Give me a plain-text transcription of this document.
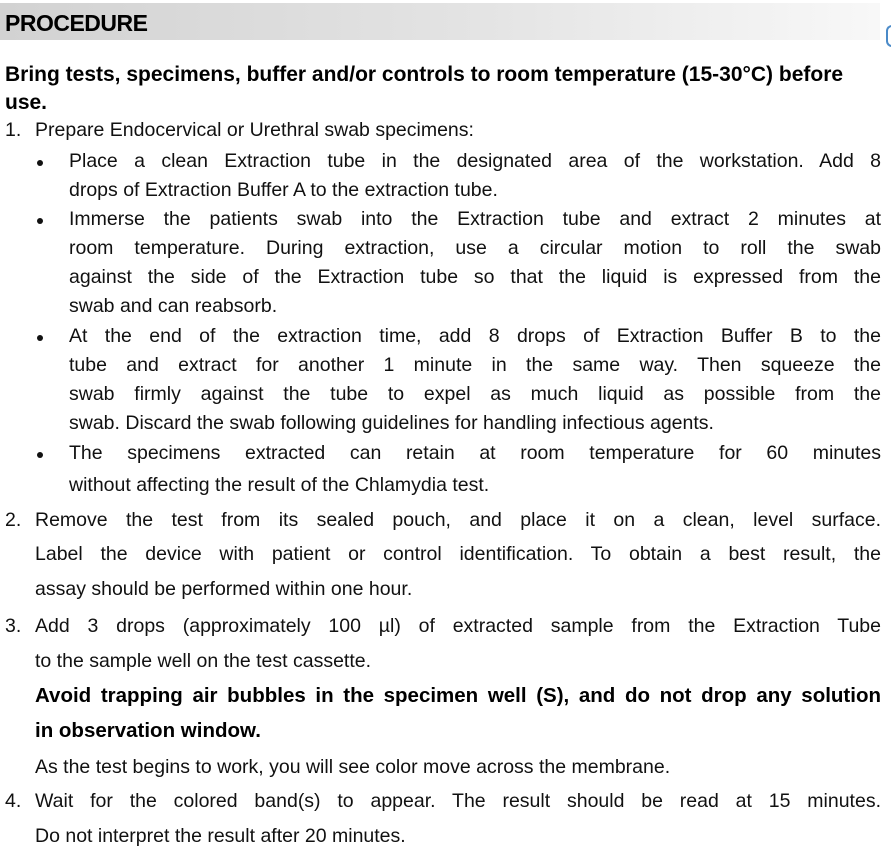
PROCEDURE
Bring tests, specimens, buffer and/or controls to room temperature (15-30°C) before use.
1. Prepare Endocervical or Urethral swab specimens:
Place a clean Extraction tube in the designated area of the workstation. Add 8
drops of Extraction Buffer A to the extraction tube.
Immerse the patients swab into the Extraction tube and extract 2 minutes at
room temperature. During extraction, use a circular motion to roll the swab
against the side of the Extraction tube so that the liquid is expressed from the
swab and can reabsorb.
At the end of the extraction time, add 8 drops of Extraction Buffer B to the
tube and extract for another 1 minute in the same way. Then squeeze the
swab firmly against the tube to expel as much liquid as possible from the
swab. Discard the swab following guidelines for handling infectious agents.
The specimens extracted can retain at room temperature for 60 minutes
without affecting the result of the Chlamydia test.
2. Remove the test from its sealed pouch, and place it on a clean, level surface.
Label the device with patient or control identification. To obtain a best result, the
assay should be performed within one hour.
3. Add 3 drops (approximately 100 µl) of extracted sample from the Extraction Tube
to the sample well on the test cassette.
Avoid trapping air bubbles in the specimen well (S), and do not drop any solution
in observation window.
As the test begins to work, you will see color move across the membrane.
4. Wait for the colored band(s) to appear. The result should be read at 15 minutes.
Do not interpret the result after 20 minutes.
